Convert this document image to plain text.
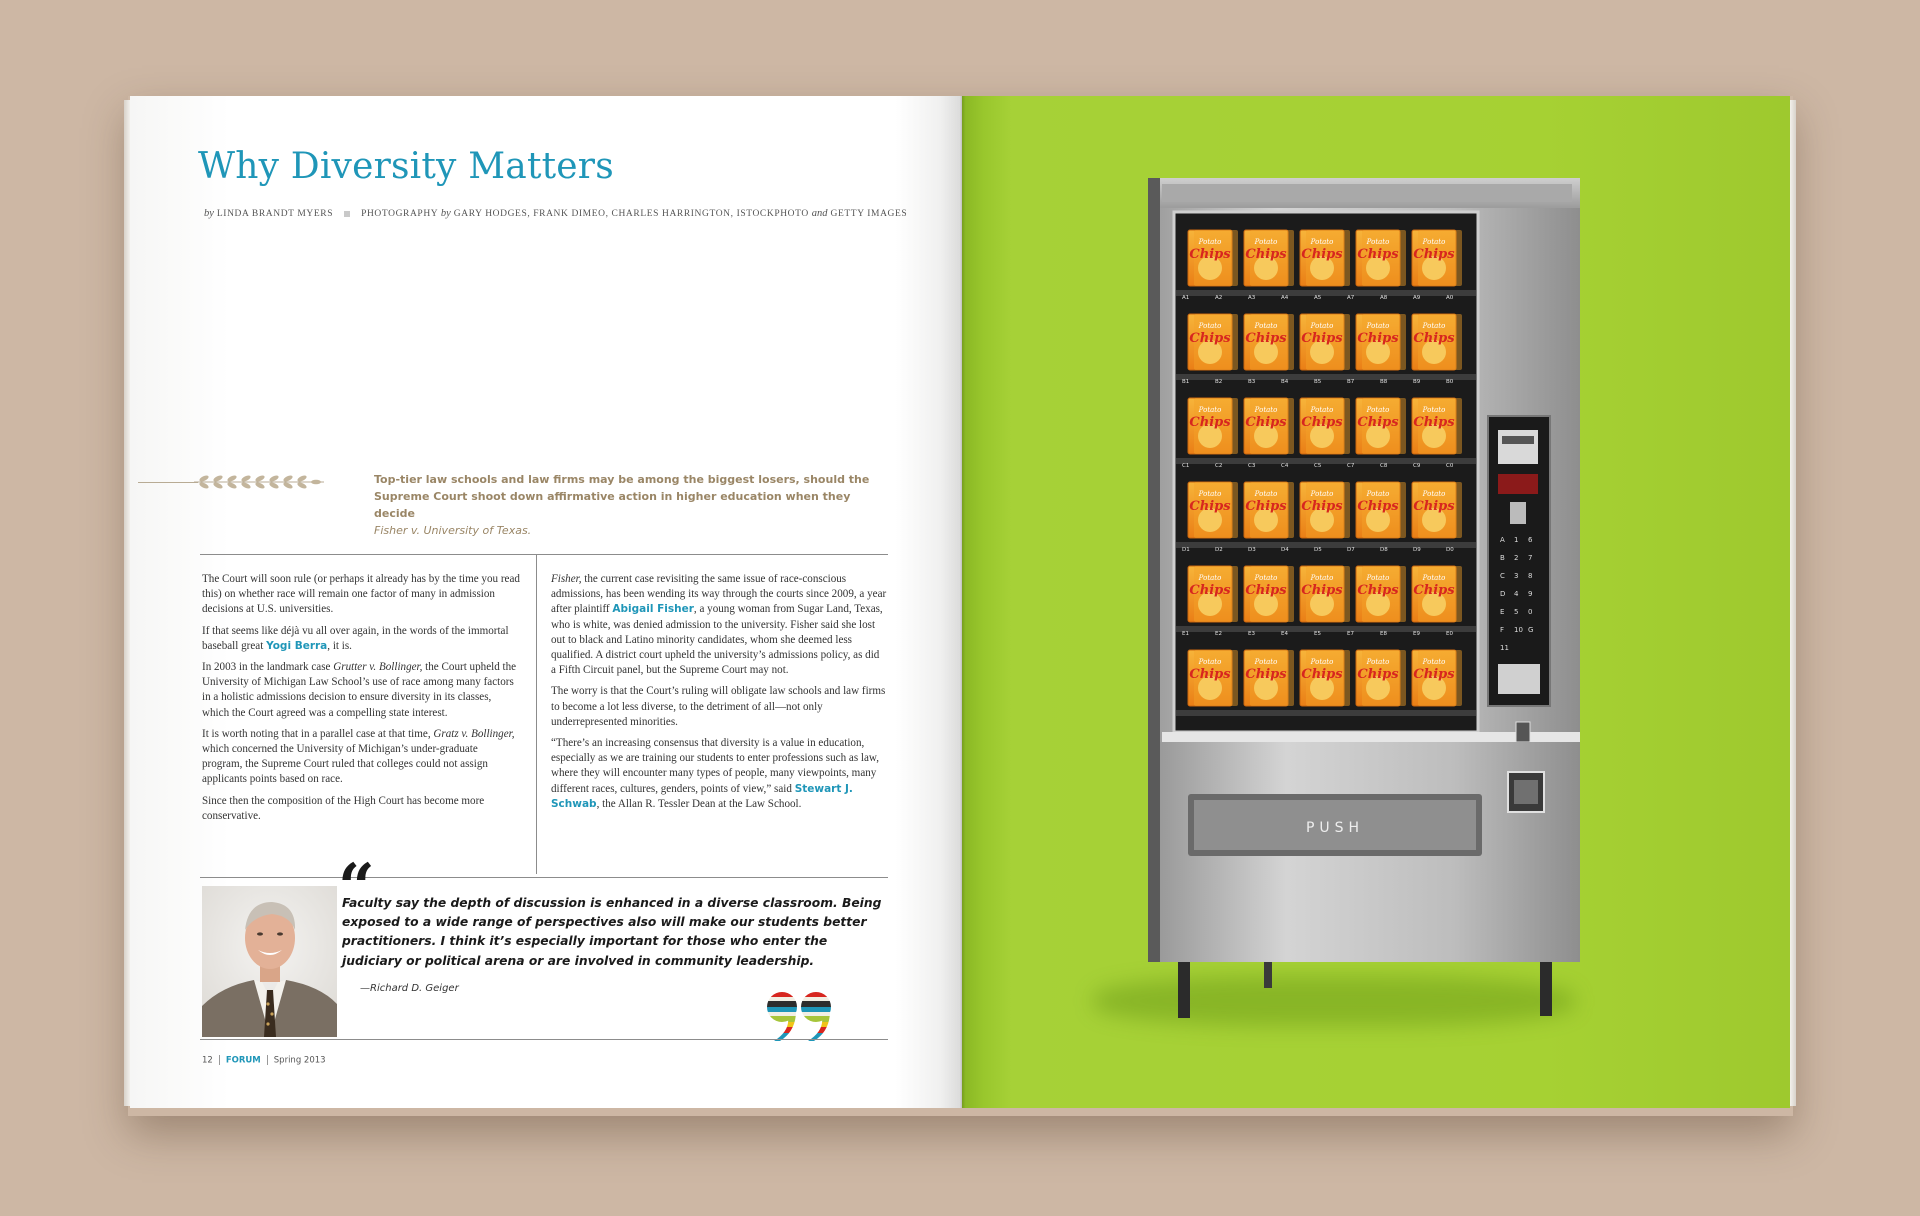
Why Diversity Matters
by LINDA BRANDT MYERS	PHOTOGRAPHY by GARY HODGES, FRANK DIMEO, CHARLES HARRINGTON, ISTOCKPHOTO and GETTY IMAGES
Top-tier law schools and law firms may be among the biggest losers, should the Supreme Court shoot down affirmative action in higher education when they decide
Fisher v. University of Texas.

The Court will soon rule (or perhaps it already has by the time you read this) on whether race will remain one factor of many in admission decisions at U.S. universities.

If that seems like déjà vu all over again, in the words of the immortal baseball great Yogi Berra, it is.

In 2003 in the landmark case Grutter v. Bollinger, the Court upheld the University of Michigan Law School’s use of race among many factors in a holistic admissions decision to ensure diversity in its classes, which the Court agreed was a compelling state interest.

It is worth noting that in a parallel case at that time, Gratz v. Bollinger, which concerned the University of Michigan’s under-graduate program, the Supreme Court ruled that colleges could not assign applicants points based on race.

Since then the composition of the High Court has become more conservative.

Fisher, the current case revisiting the same issue of race-conscious admissions, has been wending its way through the courts since 2009, a year after plaintiff Abigail Fisher, a young woman from Sugar Land, Texas, who is white, was denied admission to the university. Fisher said she lost out to black and Latino minority candidates, whom she deemed less qualified. A district court upheld the university’s admissions policy, as did a Fifth Circuit panel, but the Supreme Court may not.

The worry is that the Court’s ruling will obligate law schools and law firms to become a lot less diverse, to the detriment of all—not only underrepresented minorities.

“There’s an increasing consensus that diversity is a value in education, especially as we are training our students to enter professions such as law, where they will encounter many types of people, many viewpoints, many different races, cultures, genders, points of view,” said Stewart J. Schwab, the Allan R. Tessler Dean at the Law School.

“
Faculty say the depth of discussion is enhanced in a diverse classroom. Being exposed to a wide range of perspectives also will make our students better practitioners. I think it’s especially important for those who enter the judiciary or political arena or are involved in community leadership.
—Richard D. Geiger
12 FORUM Spring 2013
Potato
Chips
Potato
Chips
Potato
Chips
Potato
Chips
Potato
Chips
A1	A2	A3	A4	A5	A7	A8	A9	A0
Potato
Chips
Potato
Chips
Potato
Chips
Potato
Chips
Potato
Chips
B1	B2	B3	B4	B5	B7	B8	B9	B0
Potato
Chips
Potato
Chips
Potato
Chips
Potato
Chips
Potato
Chips
C1	C2	C3	C4	C5	C7	C8	C9	C0
Potato
Chips
Potato
Chips
Potato
Chips
Potato
Chips
Potato
Chips
D1	D2	D3	D4	D5	D7	D8	D9	D0
Potato
Chips
Potato
Chips
Potato
Chips
Potato
Chips
Potato
Chips
E1	E2	E3	E4	E5	E7	E8	E9	E0
Potato
Chips
Potato
Chips
Potato
Chips
Potato
Chips
Potato
Chips
A 1 6
B 2 7
C 3 8
D 4 9
E 5 0
F 10 G
11
PUSH
